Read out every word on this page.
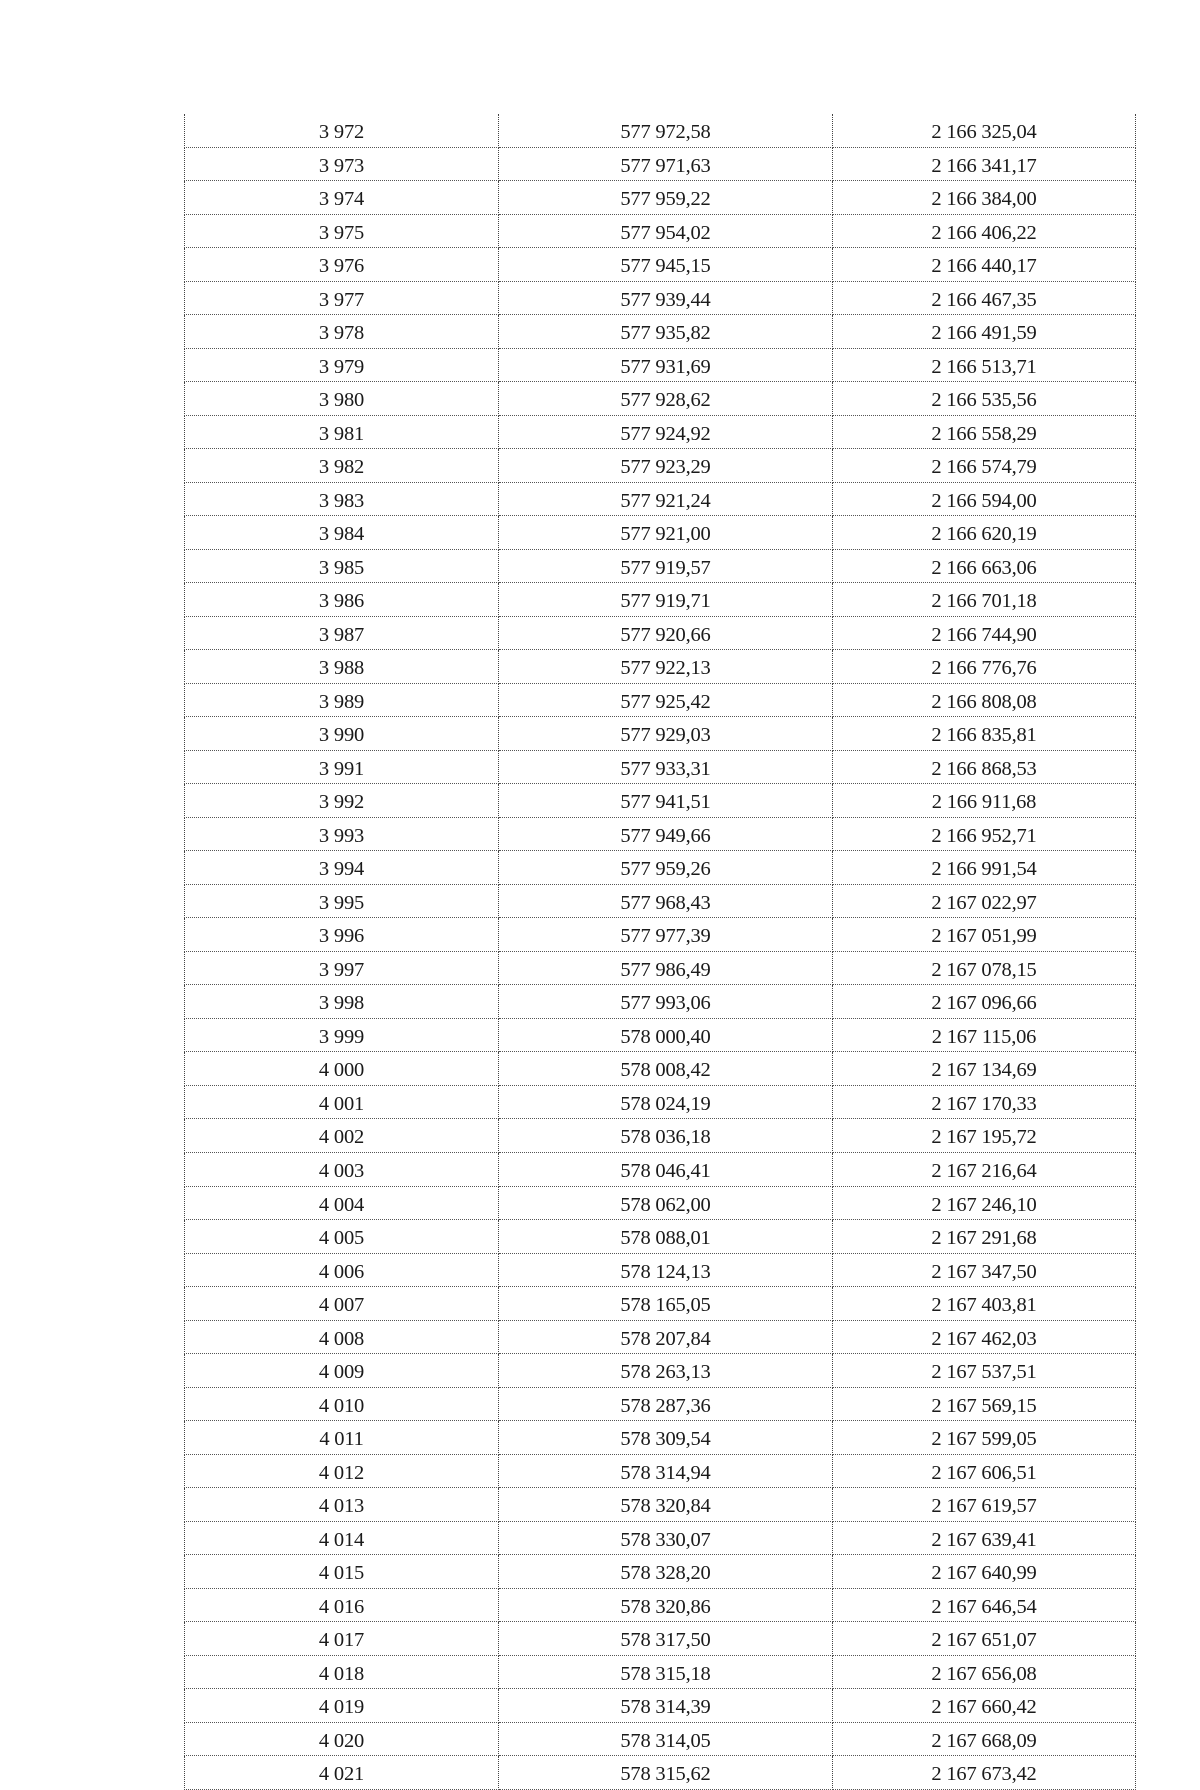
3 972	577 972,58	2 166 325,04
3 973	577 971,63	2 166 341,17
3 974	577 959,22	2 166 384,00
3 975	577 954,02	2 166 406,22
3 976	577 945,15	2 166 440,17
3 977	577 939,44	2 166 467,35
3 978	577 935,82	2 166 491,59
3 979	577 931,69	2 166 513,71
3 980	577 928,62	2 166 535,56
3 981	577 924,92	2 166 558,29
3 982	577 923,29	2 166 574,79
3 983	577 921,24	2 166 594,00
3 984	577 921,00	2 166 620,19
3 985	577 919,57	2 166 663,06
3 986	577 919,71	2 166 701,18
3 987	577 920,66	2 166 744,90
3 988	577 922,13	2 166 776,76
3 989	577 925,42	2 166 808,08
3 990	577 929,03	2 166 835,81
3 991	577 933,31	2 166 868,53
3 992	577 941,51	2 166 911,68
3 993	577 949,66	2 166 952,71
3 994	577 959,26	2 166 991,54
3 995	577 968,43	2 167 022,97
3 996	577 977,39	2 167 051,99
3 997	577 986,49	2 167 078,15
3 998	577 993,06	2 167 096,66
3 999	578 000,40	2 167 115,06
4 000	578 008,42	2 167 134,69
4 001	578 024,19	2 167 170,33
4 002	578 036,18	2 167 195,72
4 003	578 046,41	2 167 216,64
4 004	578 062,00	2 167 246,10
4 005	578 088,01	2 167 291,68
4 006	578 124,13	2 167 347,50
4 007	578 165,05	2 167 403,81
4 008	578 207,84	2 167 462,03
4 009	578 263,13	2 167 537,51
4 010	578 287,36	2 167 569,15
4 011	578 309,54	2 167 599,05
4 012	578 314,94	2 167 606,51
4 013	578 320,84	2 167 619,57
4 014	578 330,07	2 167 639,41
4 015	578 328,20	2 167 640,99
4 016	578 320,86	2 167 646,54
4 017	578 317,50	2 167 651,07
4 018	578 315,18	2 167 656,08
4 019	578 314,39	2 167 660,42
4 020	578 314,05	2 167 668,09
4 021	578 315,62	2 167 673,42
